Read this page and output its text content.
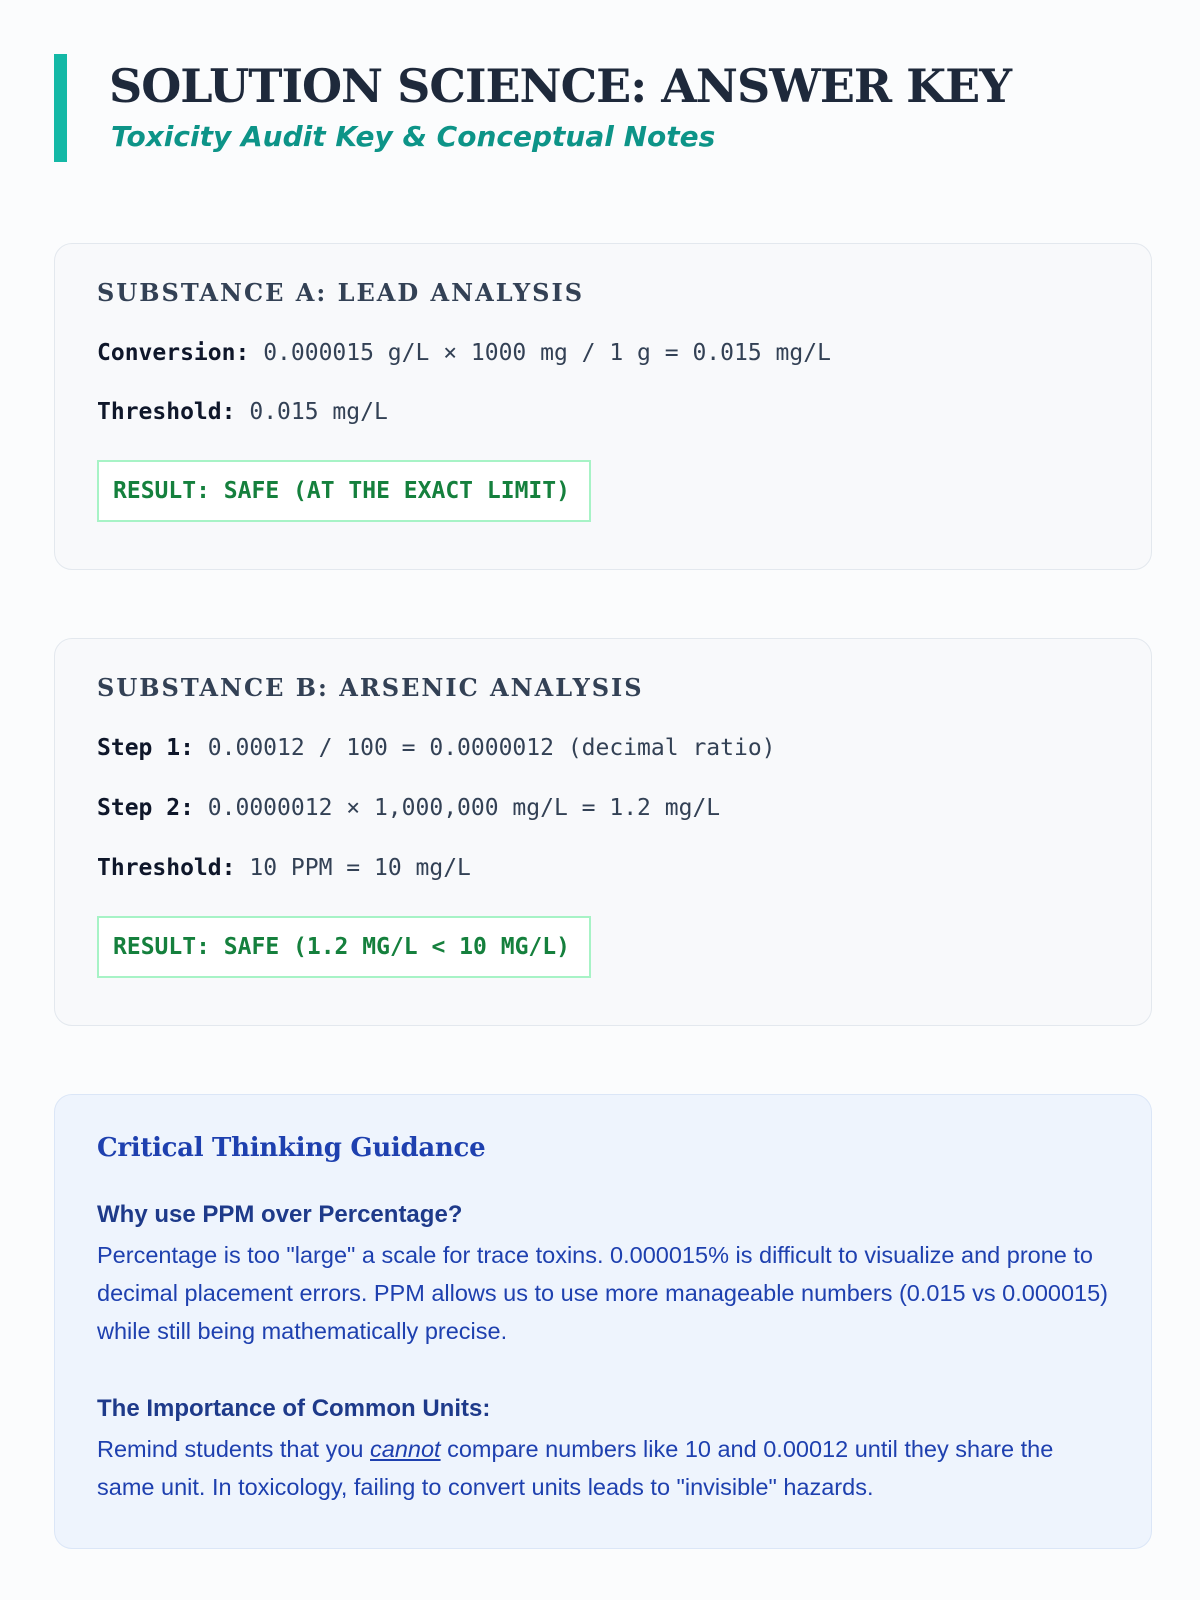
SOLUTION SCIENCE: ANSWER KEY
Toxicity Audit Key & Conceptual Notes
SUBSTANCE A: LEAD ANALYSIS
Conversion: 0.000015 g/L × 1000 mg / 1 g = 0.015 mg/L
Threshold: 0.015 mg/L
RESULT: SAFE (AT THE EXACT LIMIT)
SUBSTANCE B: ARSENIC ANALYSIS
Step 1: 0.00012 / 100 = 0.0000012 (decimal ratio)
Step 2: 0.0000012 × 1,000,000 mg/L = 1.2 mg/L
Threshold: 10 PPM = 10 mg/L
RESULT: SAFE (1.2 MG/L < 10 MG/L)
Critical Thinking Guidance
Why use PPM over Percentage?
Percentage is too "large" a scale for trace toxins. 0.000015% is difficult to visualize and prone to decimal placement errors. PPM allows us to use more manageable numbers (0.015 vs 0.000015) while still being mathematically precise.
The Importance of Common Units:
Remind students that you cannot compare numbers like 10 and 0.00012 until they share the same unit. In toxicology, failing to convert units leads to "invisible" hazards.
